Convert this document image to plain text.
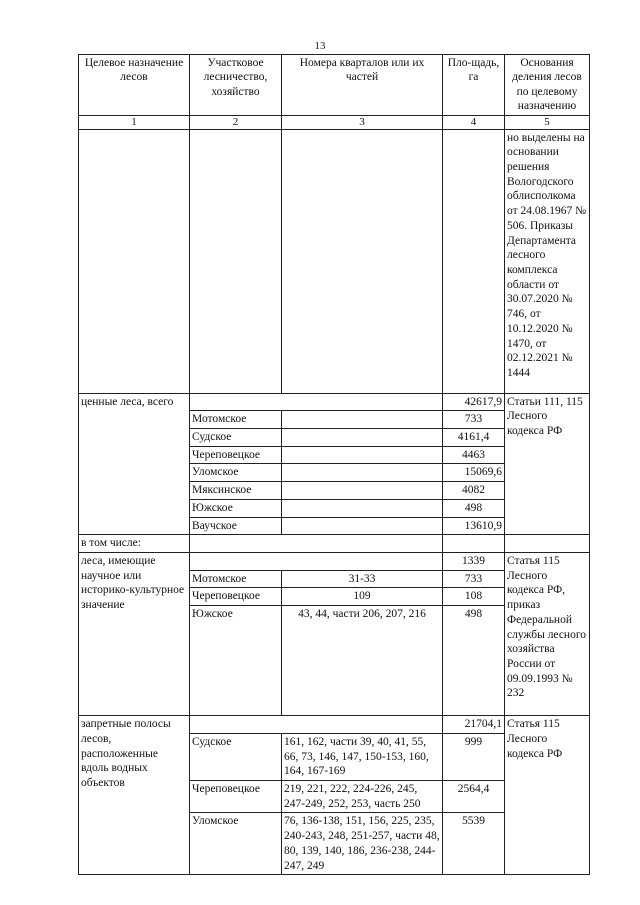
13
Целевое назначение лесов	Участковое лесничество, хозяйство	Номера кварталов или их частей	Пло-щадь, га	Основания деления лесов по целевому назначению
1	2	3	4	5
				но выделены на основании решения Вологодского облисполкома от 24.08.1967 № 506. Приказы Департамента лесного комплекса области от 30.07.2020 № 746, от 10.12.2020 № 1470, от 02.12.2021 № 1444
ценные леса, всего			42617,9	Статьи 111, 115 Лесного кодекса РФ
	Мотомское		733	
	Судское		4161,4	
	Череповецкое		4463	
	Уломское		15069,6	
	Мяксинское		4082	
	Южское		498	
	Ваучское		13610,9	
в том числе:				
леса, имеющие научное или историко-культурное значение			1339	Статья 115 Лесного кодекса РФ, приказ Федеральной службы лесного хозяйства России от 09.09.1993 № 232
	Мотомское	31-33	733	
	Череповецкое	109	108	
	Южское	43, 44, части 206, 207, 216	498	
запретные полосы лесов, расположенные вдоль водных объектов			21704,1	Статья 115 Лесного кодекса РФ
	Судское	161, 162, части 39, 40, 41, 55, 66, 73, 146, 147, 150-153, 160, 164, 167-169	999	
	Череповецкое	219, 221, 222, 224-226, 245, 247-249, 252, 253, часть 250	2564,4	
	Уломское	76, 136-138, 151, 156, 225, 235, 240-243, 248, 251-257, части 48, 80, 139, 140, 186, 236-238, 244-247, 249	5539	
